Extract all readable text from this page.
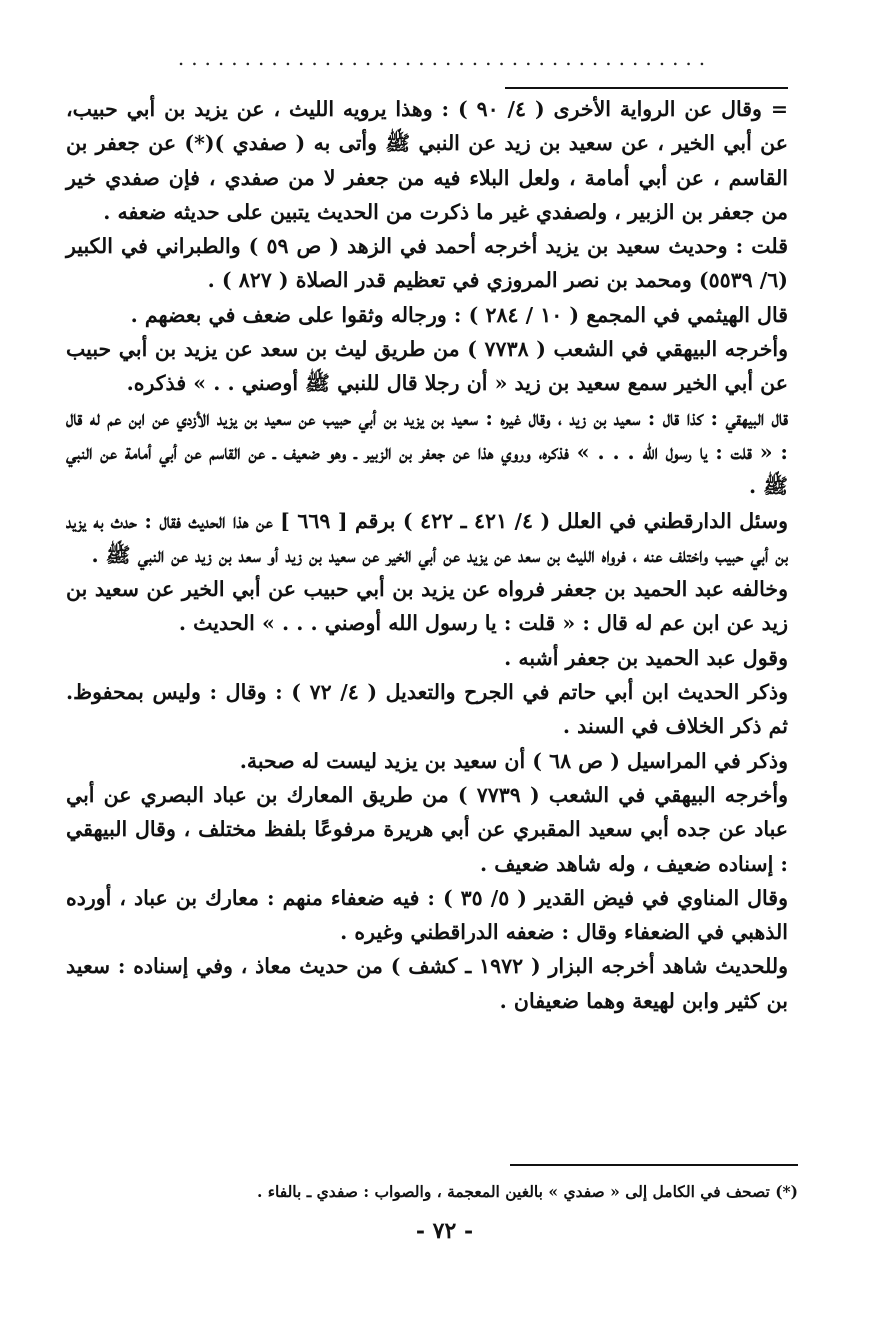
........................................

= وقال عن الرواية الأخرى ( ٤/ ٩٠ ) : وهذا يرويه الليث ، عن يزيد بن أبي حبيب، عن أبي الخير ، عن سعيد بن زيد عن النبي ﷺ وأتى به ( صفدي )(*) عن جعفر بن القاسم ، عن أبي أمامة ، ولعل البلاء فيه من جعفر لا من صفدي ، فإن صفدي خير من جعفر بن الزبير ، ولصفدي غير ما ذكرت من الحديث يتبين على حديثه ضعفه .

قلت : وحديث سعيد بن يزيد أخرجه أحمد في الزهد ( ص ٥٩ ) والطبراني في الكبير (٦/ ٥٥٣٩) ومحمد بن نصر المروزي في تعظيم قدر الصلاة ( ٨٢٧ ) .

قال الهيثمي في المجمع ( ١٠ / ٢٨٤ ) : ورجاله وثقوا على ضعف في بعضهم .

وأخرجه البيهقي في الشعب ( ٧٧٣٨ ) من طريق ليث بن سعد عن يزيد بن أبي حبيب عن أبي الخير سمع سعيد بن زيد « أن رجلا قال للنبي ﷺ أوصني . . » فذكره.

قال البيهقي : كذا قال : سعيد بن زيد ، وقال غيره : سعيد بن يزيد بن أبي حبيب عن سعيد بن يزيد الأزدي عن ابن عم له قال : « قلت : يا رسول الله . . . » فذكره، وروي هذا عن جعفر بن الزبير ـ وهو ضعيف ـ عن القاسم عن أبي أمامة عن النبي ﷺ .

وسئل الدارقطني في العلل ( ٤/ ٤٢١ ـ ٤٢٢ ) برقم [ ٦٦٩ ] عن هذا الحديث فقال : حدث به يزيد بن أبي حبيب واختلف عنه ، فرواه الليث بن سعد عن يزيد عن أبي الخير عن سعيد بن زيد أو سعد بن زيد عن النبي ﷺ .

وخالفه عبد الحميد بن جعفر فرواه عن يزيد بن أبي حبيب عن أبي الخير عن سعيد بن زيد عن ابن عم له قال : « قلت : يا رسول الله أوصني . . . » الحديث .

وقول عبد الحميد بن جعفر أشبه .

وذكر الحديث ابن أبي حاتم في الجرح والتعديل ( ٤/ ٧٢ ) : وقال : وليس بمحفوظ. ثم ذكر الخلاف في السند .

وذكر في المراسيل ( ص ٦٨ ) أن سعيد بن يزيد ليست له صحبة.

وأخرجه البيهقي في الشعب ( ٧٧٣٩ ) من طريق المعارك بن عباد البصري عن أبي عباد عن جده أبي سعيد المقبري عن أبي هريرة مرفوعًا بلفظ مختلف ، وقال البيهقي : إسناده ضعيف ، وله شاهد ضعيف .

وقال المناوي في فيض القدير ( ٥/ ٣٥ ) : فيه ضعفاء منهم : معارك بن عباد ، أورده الذهبي في الضعفاء وقال : ضعفه الدراقطني وغيره .

وللحديث شاهد أخرجه البزار ( ١٩٧٢ ـ كشف ) من حديث معاذ ، وفي إسناده : سعيد بن كثير وابن لهيعة وهما ضعيفان .

(*) تصحف في الكامل إلى « صفدي » بالغين المعجمة ، والصواب : صفدي ـ بالفاء .
- ٧٢ -
